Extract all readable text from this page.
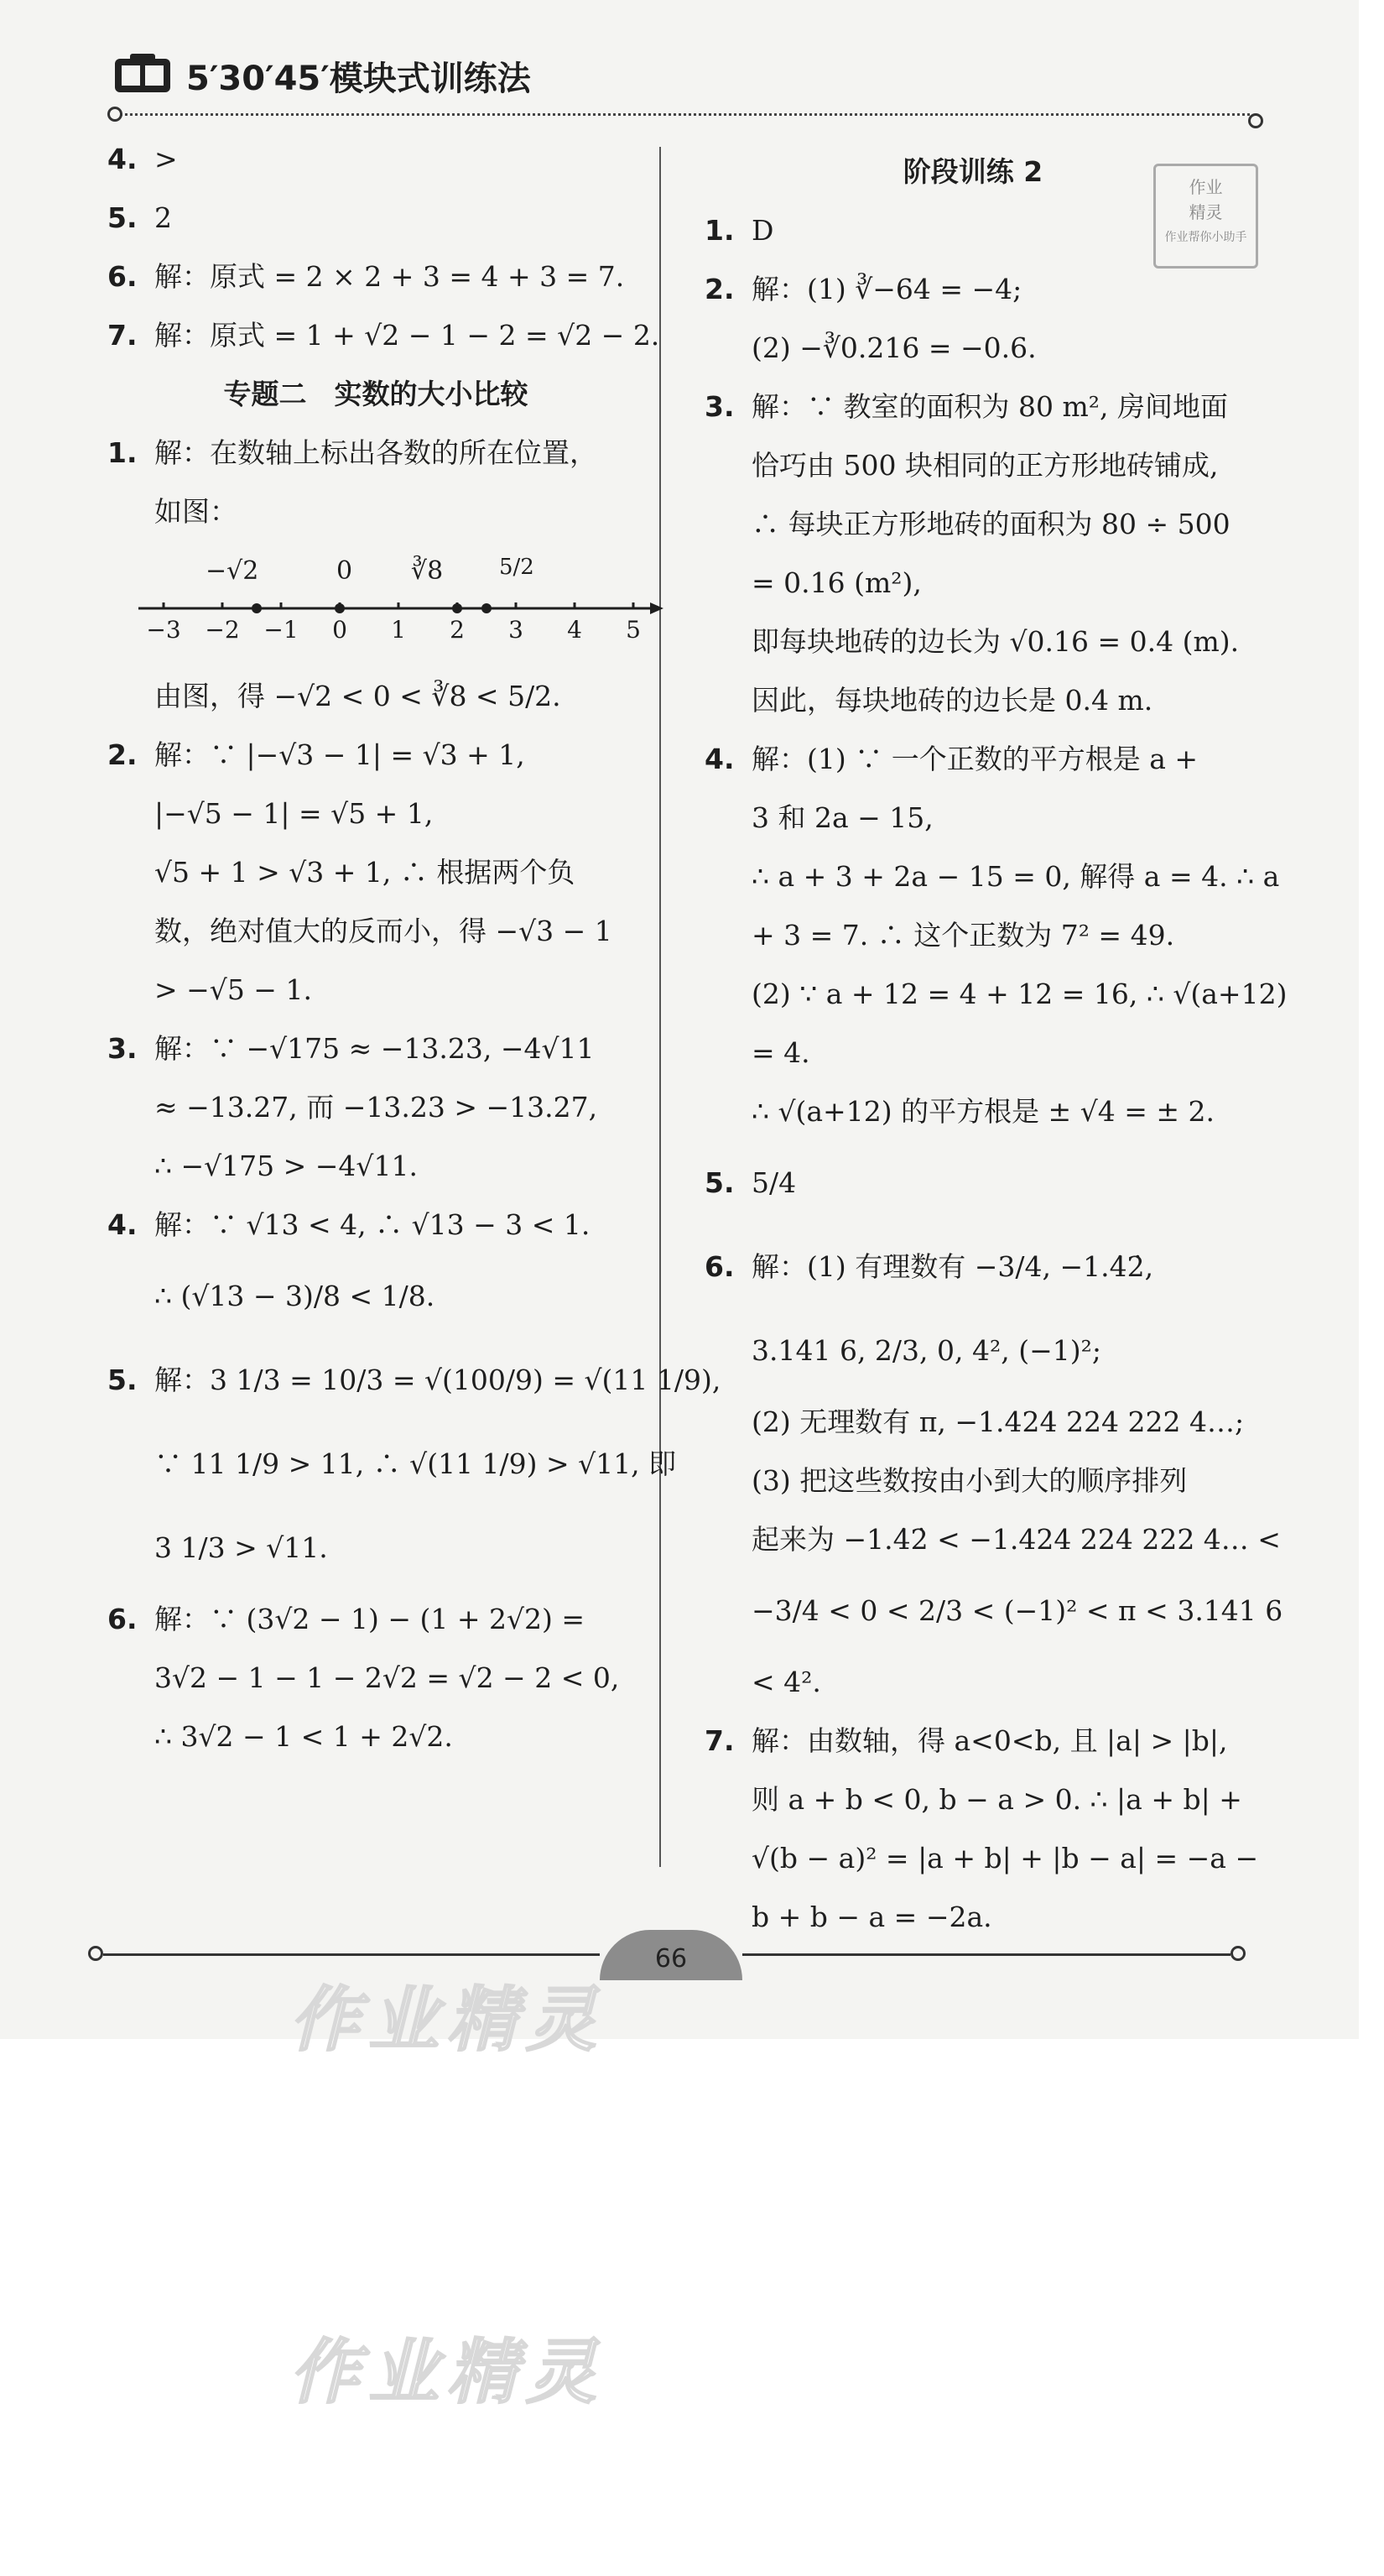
5′30′45′模块式训练法
作业
精灵
作业帮你小助手
4. >
5. 2
6. 解：原式 = 2 × 2 + 3 = 4 + 3 = 7.
7. 解：原式 = 1 + √2 − 1 − 2 = √2 − 2.
专题二　实数的大小比较
1. 解：在数轴上标出各数的所在位置，
如图：
由图，得 −√2 < 0 < ∛8 < 5/2.
2. 解：∵ |−√3 − 1| = √3 + 1,
|−√5 − 1| = √5 + 1,
√5 + 1 > √3 + 1, ∴ 根据两个负
数，绝对值大的反而小，得 −√3 − 1
> −√5 − 1.
3. 解：∵ −√175 ≈ −13.23, −4√11
≈ −13.27, 而 −13.23 > −13.27,
∴ −√175 > −4√11.
4. 解：∵ √13 < 4, ∴ √13 − 3 < 1.
∴ (√13 − 3)/8 < 1/8.
5. 解：3 1/3 = 10/3 = √(100/9) = √(11 1/9),
∵ 11 1/9 > 11, ∴ √(11 1/9) > √11, 即
3 1/3 > √11.
6. 解：∵ (3√2 − 1) − (1 + 2√2) =
3√2 − 1 − 1 − 2√2 = √2 − 2 < 0,
∴ 3√2 − 1 < 1 + 2√2.
−√2	0 ∛8	5/2
−3 −2 −1 0 1 2 3 4 5
阶段训练 2
1. D
2. 解：(1) ∛−64 = −4;
(2) −∛0.216 = −0.6.
3. 解：∵ 教室的面积为 80 m², 房间地面
恰巧由 500 块相同的正方形地砖铺成,
∴ 每块正方形地砖的面积为 80 ÷ 500
= 0.16 (m²),
即每块地砖的边长为 √0.16 = 0.4 (m).
因此，每块地砖的边长是 0.4 m.
4. 解：(1) ∵ 一个正数的平方根是 a +
3 和 2a − 15,
∴ a + 3 + 2a − 15 = 0, 解得 a = 4. ∴ a
+ 3 = 7. ∴ 这个正数为 7² = 49.
(2) ∵ a + 12 = 4 + 12 = 16, ∴ √(a+12)
= 4.
∴ √(a+12) 的平方根是 ± √4 = ± 2.
5. 5/4
6. 解：(1) 有理数有 −3/4, −1.4̇2̇,
3.141 6, 2/3, 0, 4², (−1)²;
(2) 无理数有 π, −1.424 224 222 4…;
(3) 把这些数按由小到大的顺序排列
起来为 −1.4̇2̇ < −1.424 224 222 4… <
−3/4 < 0 < 2/3 < (−1)² < π < 3.141 6
< 4².
7. 解：由数轴，得 a<0<b, 且 |a| > |b|,
则 a + b < 0, b − a > 0. ∴ |a + b| +
√(b − a)² = |a + b| + |b − a| = −a −
b + b − a = −2a.
66
作业精灵
作业精灵
